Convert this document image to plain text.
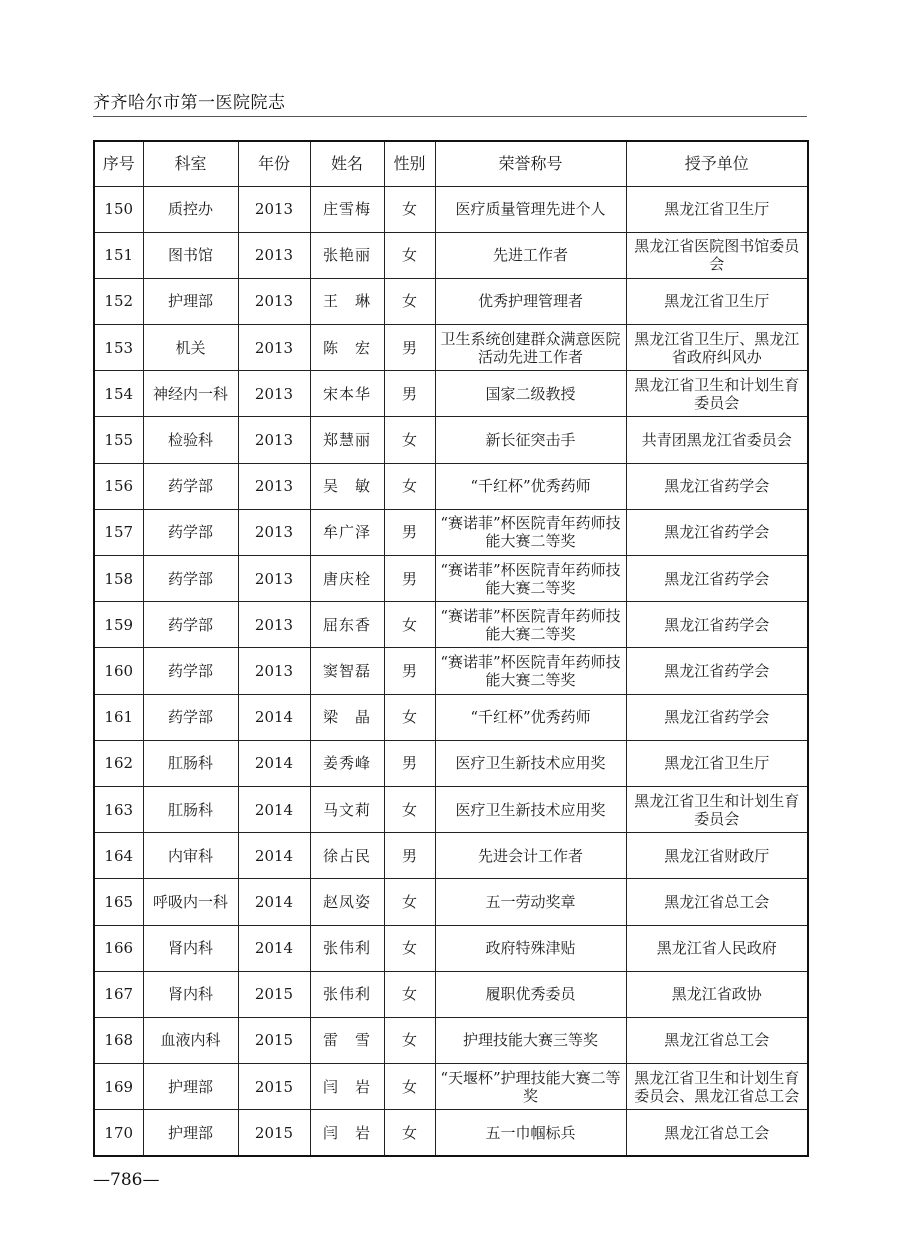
齐齐哈尔市第一医院院志
序号	科室	年份	姓名	性别	荣誉称号	授予单位
150	质控办	2013	庄雪梅	女	医疗质量管理先进个人	黑龙江省卫生厅
151	图书馆	2013	张艳丽	女	先进工作者	黑龙江省医院图书馆委员会
152	护理部	2013	王　琳	女	优秀护理管理者	黑龙江省卫生厅
153	机关	2013	陈　宏	男	卫生系统创建群众满意医院活动先进工作者	黑龙江省卫生厅、黑龙江省政府纠风办
154	神经内一科	2013	宋本华	男	国家二级教授	黑龙江省卫生和计划生育委员会
155	检验科	2013	郑慧丽	女	新长征突击手	共青团黑龙江省委员会
156	药学部	2013	吴　敏	女	“千红杯”优秀药师	黑龙江省药学会
157	药学部	2013	牟广泽	男	“赛诺菲”杯医院青年药师技能大赛二等奖	黑龙江省药学会
158	药学部	2013	唐庆栓	男	“赛诺菲”杯医院青年药师技能大赛二等奖	黑龙江省药学会
159	药学部	2013	屈东香	女	“赛诺菲”杯医院青年药师技能大赛二等奖	黑龙江省药学会
160	药学部	2013	窦智磊	男	“赛诺菲”杯医院青年药师技能大赛二等奖	黑龙江省药学会
161	药学部	2014	梁　晶	女	“千红杯”优秀药师	黑龙江省药学会
162	肛肠科	2014	姜秀峰	男	医疗卫生新技术应用奖	黑龙江省卫生厅
163	肛肠科	2014	马文莉	女	医疗卫生新技术应用奖	黑龙江省卫生和计划生育委员会
164	内审科	2014	徐占民	男	先进会计工作者	黑龙江省财政厅
165	呼吸内一科	2014	赵凤姿	女	五一劳动奖章	黑龙江省总工会
166	肾内科	2014	张伟利	女	政府特殊津贴	黑龙江省人民政府
167	肾内科	2015	张伟利	女	履职优秀委员	黑龙江省政协
168	血液内科	2015	雷　雪	女	护理技能大赛三等奖	黑龙江省总工会
169	护理部	2015	闫　岩	女	“天堰杯”护理技能大赛二等奖	黑龙江省卫生和计划生育委员会、黑龙江省总工会
170	护理部	2015	闫　岩	女	五一巾帼标兵	黑龙江省总工会
—786—
